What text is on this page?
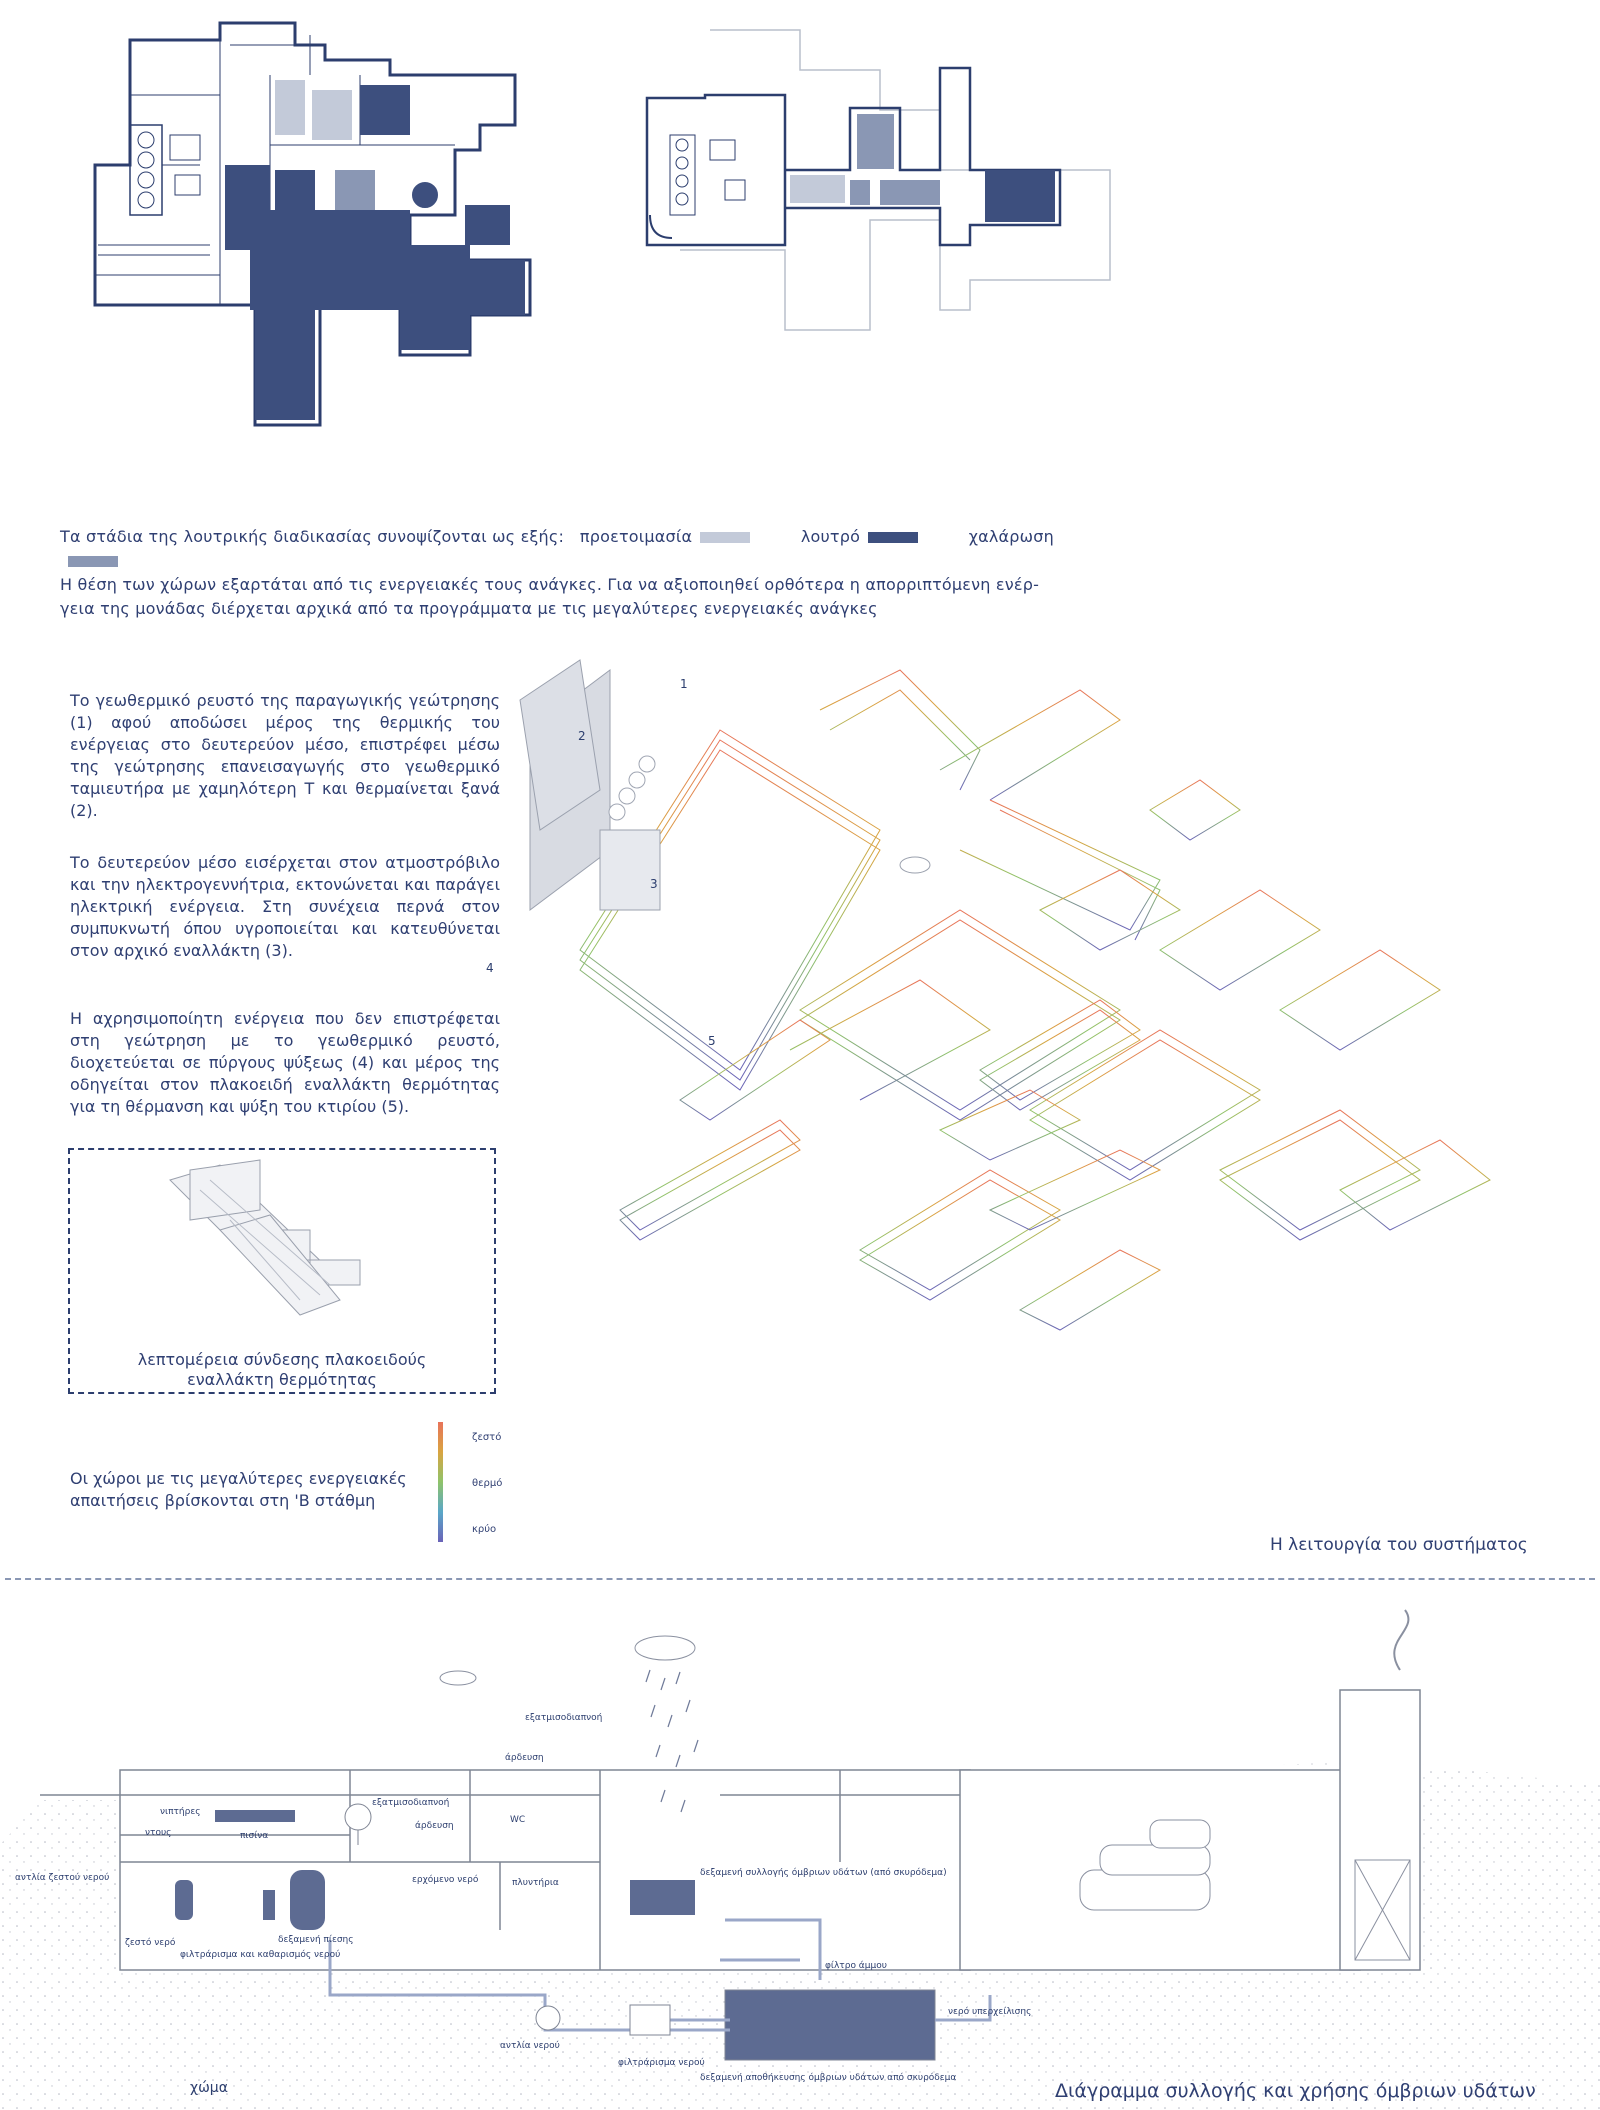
Τα στάδια της λουτρικής διαδικασίας συνοψίζονται ως εξής: προετοιμασία	λουτρό	χαλάρωση
Η θέση των χώρων εξαρτάται από τις ενεργειακές τους ανάγκες. Για να αξιοποιηθεί ορθότερα η απορριπτόμενη ενέρ-
γεια της μονάδας διέρχεται αρχικά από τα προγράμματα με τις μεγαλύτερες ενεργειακές ανάγκες
Το γεωθερμικό ρευστό της παραγωγικής γεώτρησης (1) αφού αποδώσει μέρος της θερμικής του ενέργειας στο δευτερεύον μέσο, επιστρέφει μέσω της γεώτρησης επανεισαγωγής στο γεωθερμικό ταμιευτήρα με χαμηλότερη Τ και θερμαίνεται ξανά (2).
Το δευτερεύον μέσο εισέρχεται στον ατμοστρόβιλο και την ηλεκτρογεννήτρια, εκτονώνεται και παράγει ηλεκτρική ενέργεια. Στη συνέχεια περνά στον συμπυκνωτή όπου υγροποιείται και κατευθύνεται στον αρχικό εναλλάκτη (3).
Η αχρησιμοποίητη ενέργεια που δεν επιστρέφεται στη γεώτρηση με το γεωθερμικό ρευστό, διοχετεύεται σε πύργους ψύξεως (4) και μέρος της οδηγείται στον πλακοειδή εναλλάκτη θερμότητας για τη θέρμανση και ψύξη του κτιρίου (5).
λεπτομέρεια σύνδεσης πλακοειδούς
εναλλάκτη θερμότητας
Οι χώροι με τις μεγαλύτερες ενεργειακές
απαιτήσεις βρίσκονται στη 'Β στάθμη
ζεστό
θερμό
κρύο
1
2
3
4
5
Η λειτουργία του συστήματος
εξατμισοδιαπνοή
άρδευση
εξατμισοδιαπνοή
άρδευση
νιπτήρες
ντους	πισίνα
αντλία ζεστού νερού
WC
πλυντήρια
ερχόμενο νερό
ζεστό νερό	δεξαμενή πίεσης
φιλτράρισμα και καθαρισμός νερού
δεξαμενή συλλογής όμβριων υδάτων (από σκυρόδεμα)
φίλτρο άμμου
νερό υπερχείλισης
αντλία νερού
φιλτράρισμα νερού
δεξαμενή αποθήκευσης όμβριων υδάτων από σκυρόδεμα
χώμα	Διάγραμμα συλλογής και χρήσης όμβριων υδάτων
